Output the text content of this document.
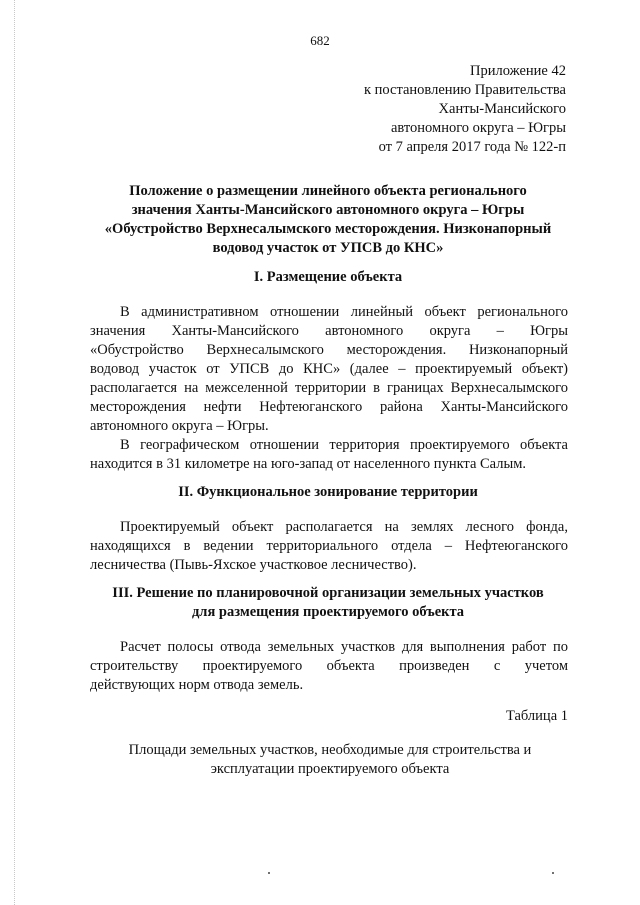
682
Приложение 42
к постановлению Правительства
Ханты-Мансийского
автономного округа – Югры
от 7 апреля 2017 года № 122-п
Положение о размещении линейного объекта регионального
значения Ханты-Мансийского автономного округа – Югры
«Обустройство Верхнесалымского месторождения. Низконапорный
водовод участок от УПСВ до КНС»
I. Размещение объекта
В административном отношении линейный объект регионального
значения Ханты-Мансийского автономного округа – Югры
«Обустройство Верхнесалымского месторождения. Низконапорный
водовод участок от УПСВ до КНС» (далее – проектируемый объект)
располагается на межселенной территории в границах Верхнесалымского
месторождения нефти Нефтеюганского района Ханты-Мансийского
автономного округа – Югры.
В географическом отношении территория проектируемого объекта
находится в 31 километре на юго-запад от населенного пункта Салым.
II. Функциональное зонирование территории
Проектируемый объект располагается на землях лесного фонда,
находящихся в ведении территориального отдела – Нефтеюганского
лесничества (Пывь-Яхское участковое лесничество).
III. Решение по планировочной организации земельных участков
для размещения проектируемого объекта
Расчет полосы отвода земельных участков для выполнения работ по
строительству проектируемого объекта произведен с учетом
действующих норм отвода земель.
Таблица 1
Площади земельных участков, необходимые для строительства и
эксплуатации проектируемого объекта
